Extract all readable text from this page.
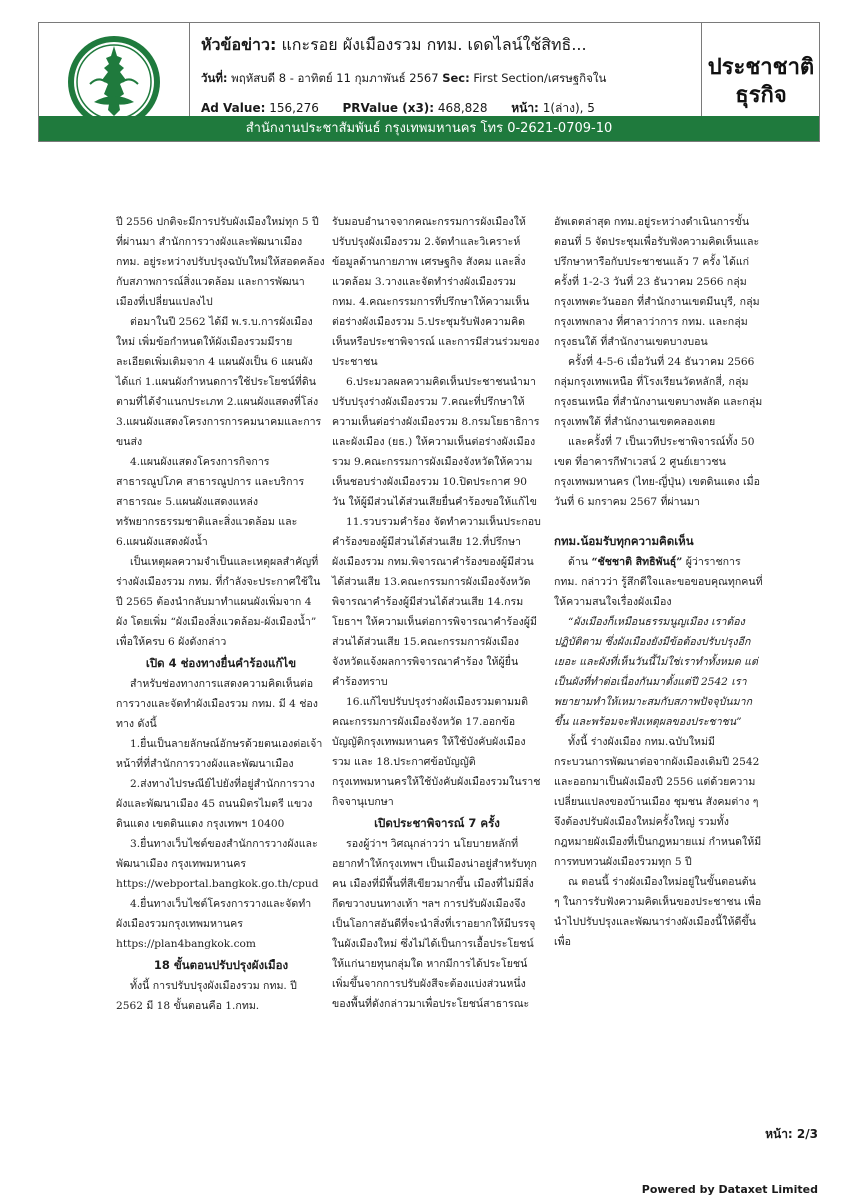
หัวข้อข่าว: แกะรอย ผังเมืองรวม กทม. เดดไลน์ใช้สิทธิ...
วันที่: พฤหัสบดี 8 - อาทิตย์ 11 กุมภาพันธ์ 2567 Sec: First Section/เศรษฐกิจใน
Ad Value: 156,276 PRValue (x3): 468,828 หน้า: 1(ล่าง), 5
ประชาชาติ
ธุรกิจ
สำนักงานประชาสัมพันธ์ กรุงเทพมหานคร โทร 0-2621-0709-10

ปี 2556 ปกติจะมีการปรับผังเมืองใหม่ทุก 5 ปี ที่ผ่านมา สำนักการวางผังและพัฒนาเมือง กทม. อยู่ระหว่างปรับปรุงฉบับใหม่ให้สอดคล้องกับสภาพการณ์สิ่งแวดล้อม และการพัฒนาเมืองที่เปลี่ยนแปลงไป

ต่อมาในปี 2562 ได้มี พ.ร.บ.การผังเมืองใหม่ เพิ่มข้อกำหนดให้ผังเมืองรวมมีรายละเอียดเพิ่มเติมจาก 4 แผนผังเป็น 6 แผนผัง ได้แก่ 1.แผนผังกำหนดการใช้ประโยชน์ที่ดินตามที่ได้จำแนกประเภท 2.แผนผังแสดงที่โล่ง 3.แผนผังแสดงโครงการการคมนาคมและการขนส่ง

4.แผนผังแสดงโครงการกิจการสาธารณูปโภค สาธารณูปการ และบริการสาธารณะ 5.แผนผังแสดงแหล่งทรัพยากรธรรมชาติและสิ่งแวดล้อม และ 6.แผนผังแสดงผังน้ำ

เป็นเหตุผลความจำเป็นและเหตุผลสำคัญที่ร่างผังเมืองรวม กทม. ที่กำลังจะประกาศใช้ในปี 2565 ต้องนำกลับมาทำแผนผังเพิ่มจาก 4 ผัง โดยเพิ่ม “ผังเมืองสิ่งแวดล้อม-ผังเมืองน้ำ” เพื่อให้ครบ 6 ผังดังกล่าว

เปิด 4 ช่องทางยื่นคำร้องแก้ไข

สำหรับช่องทางการแสดงความคิดเห็นต่อการวางและจัดทำผังเมืองรวม กทม. มี 4 ช่องทาง ดังนี้

1.ยื่นเป็นลายลักษณ์อักษรด้วยตนเองต่อเจ้าหน้าที่ที่สำนักการวางผังและพัฒนาเมือง

2.ส่งทางไปรษณีย์ไปยังที่อยู่สำนักการวางผังและพัฒนาเมือง 45 ถนนมิตรไมตรี แขวงดินแดง เขตดินแดง กรุงเทพฯ 10400

3.ยื่นทางเว็บไซต์ของสำนักการวางผังและพัฒนาเมือง กรุงเทพมหานคร https://webportal.bangkok.go.th/cpud

4.ยื่นทางเว็บไซต์โครงการวางและจัดทำผังเมืองรวมกรุงเทพมหานคร https://plan4bangkok.com

18 ขั้นตอนปรับปรุงผังเมือง

ทั้งนี้ การปรับปรุงผังเมืองรวม กทม. ปี 2562 มี 18 ขั้นตอนคือ 1.กทม.

รับมอบอำนาจจากคณะกรรมการผังเมืองให้ปรับปรุงผังเมืองรวม 2.จัดทำและวิเคราะห์ข้อมูลด้านกายภาพ เศรษฐกิจ สังคม และสิ่งแวดล้อม 3.วางและจัดทำร่างผังเมืองรวม กทม. 4.คณะกรรมการที่ปรึกษาให้ความเห็นต่อร่างผังเมืองรวม 5.ประชุมรับฟังความคิดเห็นหรือประชาพิจารณ์ และการมีส่วนร่วมของประชาชน

6.ประมวลผลความคิดเห็นประชาชนนำมาปรับปรุงร่างผังเมืองรวม 7.คณะที่ปรึกษาให้ความเห็นต่อร่างผังเมืองรวม 8.กรมโยธาธิการและผังเมือง (ยธ.) ให้ความเห็นต่อร่างผังเมืองรวม 9.คณะกรรมการผังเมืองจังหวัดให้ความเห็นชอบร่างผังเมืองรวม 10.ปิดประกาศ 90 วัน ให้ผู้มีส่วนได้ส่วนเสียยื่นคำร้องขอให้แก้ไข

11.รวบรวมคำร้อง จัดทำความเห็นประกอบคำร้องของผู้มีส่วนได้ส่วนเสีย 12.ที่ปรึกษาผังเมืองรวม กทม.พิจารณาคำร้องของผู้มีส่วนได้ส่วนเสีย 13.คณะกรรมการผังเมืองจังหวัดพิจารณาคำร้องผู้มีส่วนได้ส่วนเสีย 14.กรมโยธาฯ ให้ความเห็นต่อการพิจารณาคำร้องผู้มีส่วนได้ส่วนเสีย 15.คณะกรรมการผังเมืองจังหวัดแจ้งผลการพิจารณาคำร้อง ให้ผู้ยื่นคำร้องทราบ

16.แก้ไขปรับปรุงร่างผังเมืองรวมตามมติคณะกรรมการผังเมืองจังหวัด 17.ออกข้อบัญญัติกรุงเทพมหานคร ให้ใช้บังคับผังเมืองรวม และ 18.ประกาศข้อบัญญัติกรุงเทพมหานครให้ใช้บังคับผังเมืองรวมในราชกิจจานุเบกษา

เปิดประชาพิจารณ์ 7 ครั้ง

รองผู้ว่าฯ วิศณุกล่าวว่า นโยบายหลักที่อยากทำให้กรุงเทพฯ เป็นเมืองน่าอยู่สำหรับทุกคน เมืองที่มีพื้นที่สีเขียวมากขึ้น เมืองที่ไม่มีสิ่งกีดขวางบนทางเท้า ฯลฯ การปรับผังเมืองจึงเป็นโอกาสอันดีที่จะนำสิ่งที่เราอยากให้มีบรรจุในผังเมืองใหม่ ซึ่งไม่ได้เป็นการเอื้อประโยชน์ให้แก่นายทุนกลุ่มใด หากมีการได้ประโยชน์เพิ่มขึ้นจากการปรับผังสีจะต้องแบ่งส่วนหนึ่งของพื้นที่ดังกล่าวมาเพื่อประโยชน์สาธารณะ

อัพเดตล่าสุด กทม.อยู่ระหว่างดำเนินการขั้นตอนที่ 5 จัดประชุมเพื่อรับฟังความคิดเห็นและปรึกษาหารือกับประชาชนแล้ว 7 ครั้ง ได้แก่ ครั้งที่ 1-2-3 วันที่ 23 ธันวาคม 2566 กลุ่มกรุงเทพตะวันออก ที่สำนักงานเขตมีนบุรี, กลุ่มกรุงเทพกลาง ที่ศาลาว่าการ กทม. และกลุ่มกรุงธนใต้ ที่สำนักงานเขตบางบอน

ครั้งที่ 4-5-6 เมื่อวันที่ 24 ธันวาคม 2566 กลุ่มกรุงเทพเหนือ ที่โรงเรียนวัดหลักสี่, กลุ่มกรุงธนเหนือ ที่สำนักงานเขตบางพลัด และกลุ่มกรุงเทพใต้ ที่สำนักงานเขตคลองเตย

และครั้งที่ 7 เป็นเวทีประชาพิจารณ์ทั้ง 50 เขต ที่อาคารกีฬาเวสน์ 2 ศูนย์เยาวชนกรุงเทพมหานคร (ไทย-ญี่ปุ่น) เขตดินแดง เมื่อวันที่ 6 มกราคม 2567 ที่ผ่านมา

กทม.น้อมรับทุกความคิดเห็น

ด้าน “ชัชชาติ สิทธิพันธุ์” ผู้ว่าราชการ กทม. กล่าวว่า รู้สึกดีใจและขอขอบคุณทุกคนที่ให้ความสนใจเรื่องผังเมือง

“ผังเมืองก็เหมือนธรรมนูญเมือง เราต้องปฏิบัติตาม ซึ่งผังเมืองยังมีข้อต้องปรับปรุงอีกเยอะ และผังที่เห็นวันนี้ไม่ใช่เราทำทั้งหมด แต่เป็นผังที่ทำต่อเนื่องกันมาตั้งแต่ปี 2542 เราพยายามทำให้เหมาะสมกับสภาพปัจจุบันมากขึ้น และพร้อมจะฟังเหตุผลของประชาชน”

ทั้งนี้ ร่างผังเมือง กทม.ฉบับใหม่มีกระบวนการพัฒนาต่อจากผังเมืองเดิมปี 2542 และออกมาเป็นผังเมืองปี 2556 แต่ด้วยความเปลี่ยนแปลงของบ้านเมือง ชุมชน สังคมต่าง ๆ จึงต้องปรับผังเมืองใหม่ครั้งใหญ่ รวมทั้งกฎหมายผังเมืองที่เป็นกฎหมายแม่ กำหนดให้มีการทบทวนผังเมืองรวมทุก 5 ปี

ณ ตอนนี้ ร่างผังเมืองใหม่อยู่ในขั้นตอนต้น ๆ ในการรับฟังความคิดเห็นของประชาชน เพื่อนำไปปรับปรุงและพัฒนาร่างผังเมืองนี้ให้ดีขึ้น เพื่อ

หน้า: 2/3
Powered by Dataxet Limited
